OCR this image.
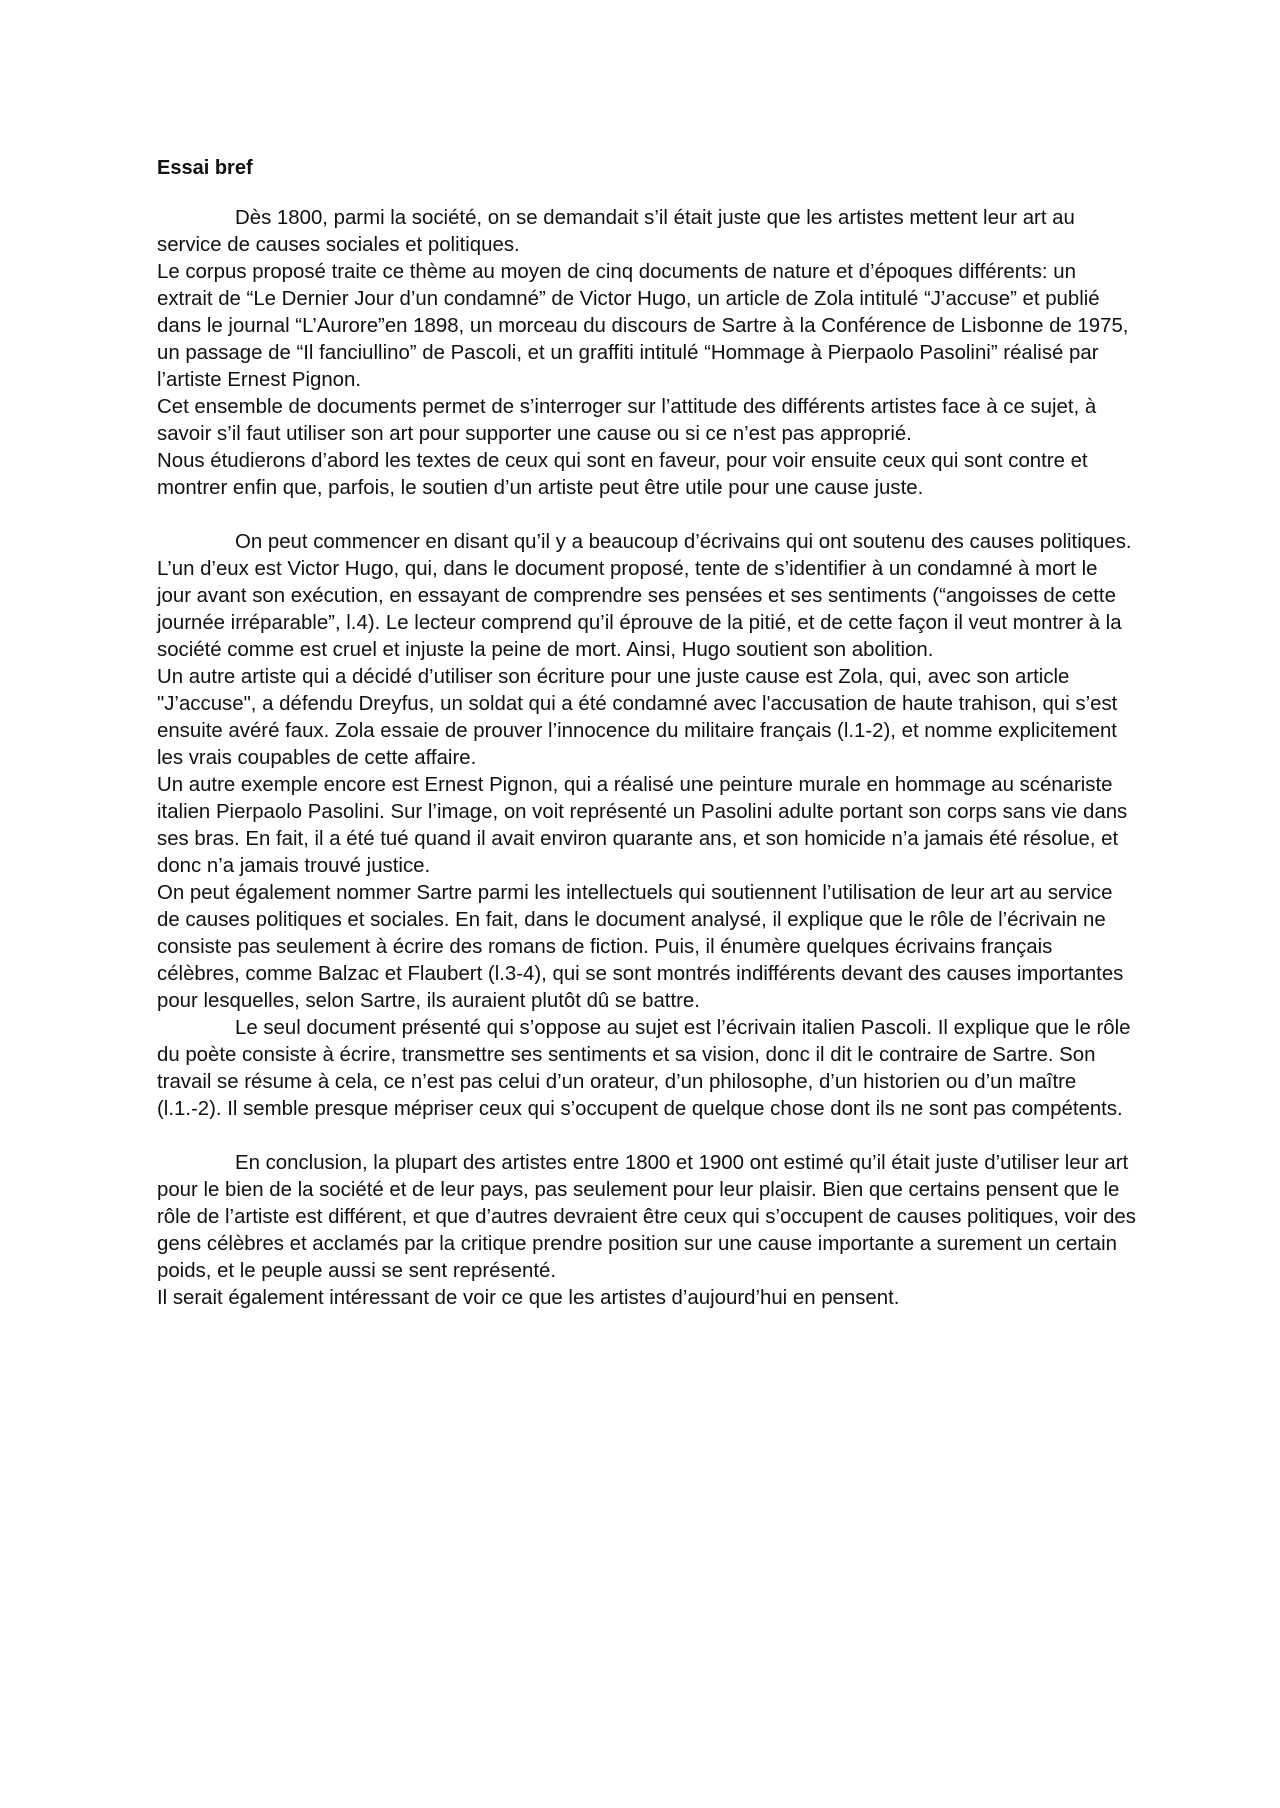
Essai bref

Dès 1800, parmi la société, on se demandait s’il était juste que les artistes mettent leur art au service de causes sociales et politiques.

Le corpus proposé traite ce thème au moyen de cinq documents de nature et d’époques différents: un extrait de “Le Dernier Jour d’un condamné” de Victor Hugo, un article de Zola intitulé “J’accuse” et publié dans le journal “L’Aurore”en 1898, un morceau du discours de Sartre à la Conférence de Lisbonne de 1975, un passage de “Il fanciullino” de Pascoli, et un graffiti intitulé “Hommage à Pierpaolo Pasolini” réalisé par l’artiste Ernest Pignon.

Cet ensemble de documents permet de s’interroger sur l’attitude des différents artistes face à ce sujet, à savoir s’il faut utiliser son art pour supporter une cause ou si ce n’est pas approprié.

Nous étudierons d’abord les textes de ceux qui sont en faveur, pour voir ensuite ceux qui sont contre et montrer enfin que, parfois, le soutien d’un artiste peut être utile pour une cause juste.

On peut commencer en disant qu’il y a beaucoup d’écrivains qui ont soutenu des causes politiques. L’un d’eux est Victor Hugo, qui, dans le document proposé, tente de s’identifier à un condamné à mort le jour avant son exécution, en essayant de comprendre ses pensées et ses sentiments (“angoisses de cette journée irréparable”, l.4). Le lecteur comprend qu’il éprouve de la pitié, et de cette façon il veut montrer à la société comme est cruel et injuste la peine de mort. Ainsi, Hugo soutient son abolition.

Un autre artiste qui a décidé d’utiliser son écriture pour une juste cause est Zola, qui, avec son article "J’accuse", a défendu Dreyfus, un soldat qui a été condamné avec l'accusation de haute trahison, qui s’est ensuite avéré faux. Zola essaie de prouver l’innocence du militaire français (l.1-2), et nomme explicitement les vrais coupables de cette affaire.

Un autre exemple encore est Ernest Pignon, qui a réalisé une peinture murale en hommage au scénariste italien Pierpaolo Pasolini. Sur l’image, on voit représenté un Pasolini adulte portant son corps sans vie dans ses bras. En fait, il a été tué quand il avait environ quarante ans, et son homicide n’a jamais été résolue, et donc n’a jamais trouvé justice.

On peut également nommer Sartre parmi les intellectuels qui soutiennent l’utilisation de leur art au service de causes politiques et sociales. En fait, dans le document analysé, il explique que le rôle de l’écrivain ne consiste pas seulement à écrire des romans de fiction. Puis, il énumère quelques écrivains français célèbres, comme Balzac et Flaubert (l.3-4), qui se sont montrés indifférents devant des causes importantes pour lesquelles, selon Sartre, ils auraient plutôt dû se battre.

Le seul document présenté qui s’oppose au sujet est l’écrivain italien Pascoli. Il explique que le rôle du poète consiste à écrire, transmettre ses sentiments et sa vision, donc il dit le contraire de Sartre. Son travail se résume à cela, ce n’est pas celui d’un orateur, d’un philosophe, d’un historien ou d’un maître (l.1.-2). Il semble presque mépriser ceux qui s’occupent de quelque chose dont ils ne sont pas compétents.

En conclusion, la plupart des artistes entre 1800 et 1900 ont estimé qu’il était juste d’utiliser leur art pour le bien de la société et de leur pays, pas seulement pour leur plaisir. Bien que certains pensent que le rôle de l’artiste est différent, et que d’autres devraient être ceux qui s’occupent de causes politiques, voir des gens célèbres et acclamés par la critique prendre position sur une cause importante a surement un certain poids, et le peuple aussi se sent représenté.

Il serait également intéressant de voir ce que les artistes d’aujourd’hui en pensent.
